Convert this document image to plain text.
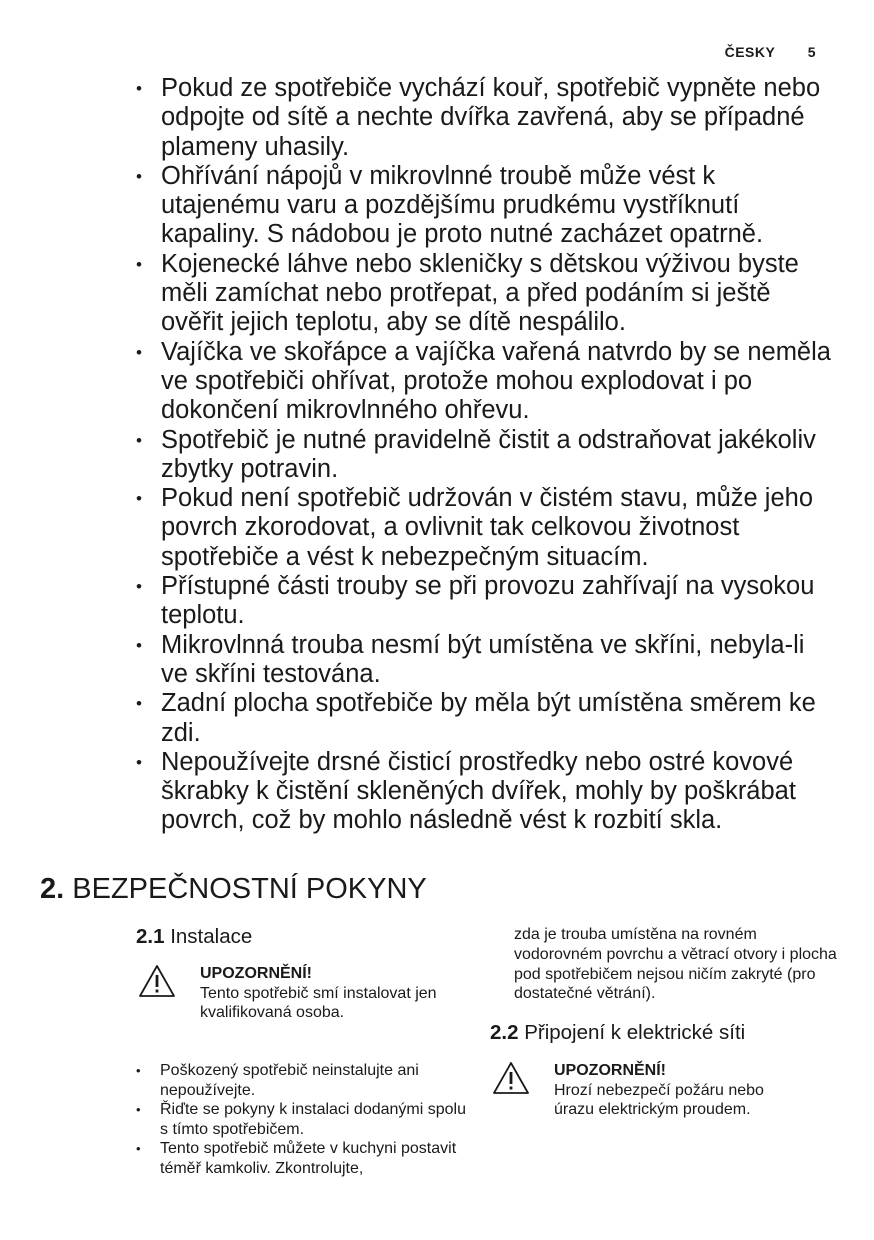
ČESKY 5
• Pokud ze spotřebiče vychází kouř, spotřebič vypněte nebo odpojte od sítě a nechte dvířka zavřená, aby se případné plameny uhasily.
• Ohřívání nápojů v mikrovlnné troubě může vést k utajenému varu a pozdějšímu prudkému vystříknutí kapaliny. S nádobou je proto nutné zacházet opatrně.
• Kojenecké láhve nebo skleničky s dětskou výživou byste měli zamíchat nebo protřepat, a před podáním si ještě ověřit jejich teplotu, aby se dítě nespálilo.
• Vajíčka ve skořápce a vajíčka vařená natvrdo by se neměla ve spotřebiči ohřívat, protože mohou explodovat i po dokončení mikrovlnného ohřevu.
• Spotřebič je nutné pravidelně čistit a odstraňovat jakékoliv zbytky potravin.
• Pokud není spotřebič udržován v čistém stavu, může jeho povrch zkorodovat, a ovlivnit tak celkovou životnost spotřebiče a vést k nebezpečným situacím.
• Přístupné části trouby se při provozu zahřívají na vysokou teplotu.
• Mikrovlnná trouba nesmí být umístěna ve skříni, nebyla-li ve skříni testována.
• Zadní plocha spotřebiče by měla být umístěna směrem ke zdi.
• Nepoužívejte drsné čisticí prostředky nebo ostré kovové škrabky k čistění skleněných dvířek, mohly by poškrábat povrch, což by mohlo následně vést k rozbití skla.
2. BEZPEČNOSTNÍ POKYNY
2.1 Instalace
UPOZORNĚNÍ!
Tento spotřebič smí instalovat jen kvalifikovaná osoba.
• Poškozený spotřebič neinstalujte ani nepoužívejte.
• Řiďte se pokyny k instalaci dodanými spolu s tímto spotřebičem.
• Tento spotřebič můžete v kuchyni postavit téměř kamkoliv. Zkontrolujte,

zda je trouba umístěna na rovném vodorovném povrchu a větrací otvory i plocha pod spotřebičem nejsou ničím zakryté (pro dostatečné větrání).

2.2 Připojení k elektrické síti
UPOZORNĚNÍ!
Hrozí nebezpečí požáru nebo úrazu elektrickým proudem.
